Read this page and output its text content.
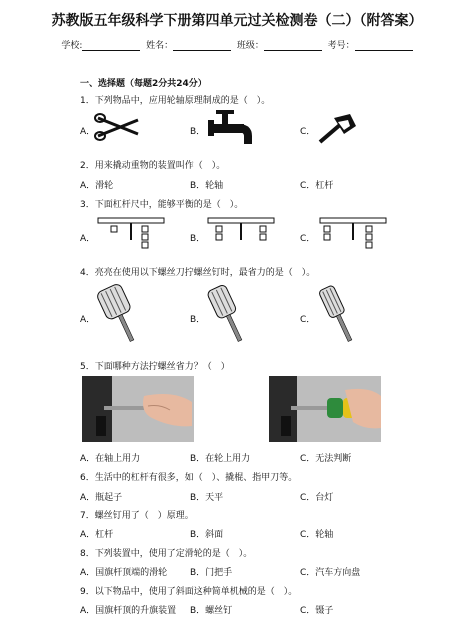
苏教版五年级科学下册第四单元过关检测卷（二）（附答案）
学校:	姓名：	班级：	考号：
一、选择题（每题2分共24分）
1．下列物品中，应用轮轴原理制成的是（　）。
A．	B．	C．
2．用来撬动重物的装置叫作（　）。
A．滑轮	B．轮轴	C．杠杆
3．下面杠杆尺中，能够平衡的是（　）。
A．	B．	C．
4．亮亮在使用以下螺丝刀拧螺丝钉时，最省力的是（　）。
A．	B．	C．
5．下面哪种方法拧螺丝省力？（　）
A．在轴上用力	B．在轮上用力	C．无法判断
6．生活中的杠杆有很多，如（　）、撬棍、指甲刀等。
A．瓶起子	B．天平	C．台灯
7．螺丝钉用了（　）原理。
A．杠杆	B．斜面	C．轮轴
8．下列装置中，使用了定滑轮的是（　）。
A．国旗杆顶端的滑轮	B．门把手	C．汽车方向盘
9．以下物品中，使用了斜面这种简单机械的是（　）。
A．国旗杆顶的升旗装置 B．螺丝钉	C．镊子
